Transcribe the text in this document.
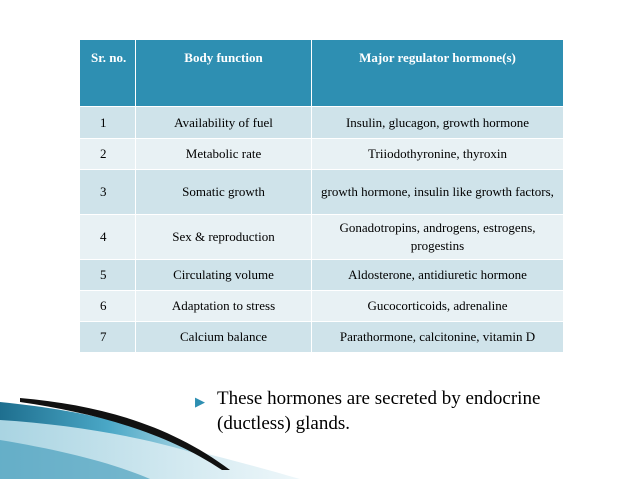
Sr. no.	Body function	Major regulator hormone(s)
1	Availability of fuel	Insulin, glucagon, growth hormone
2	Metabolic rate	Triiodothyronine, thyroxin
3	Somatic growth	growth hormone, insulin like growth factors,
4	Sex & reproduction	Gonadotropins, androgens, estrogens, progestins
5	Circulating volume	Aldosterone, antidiuretic hormone
6	Adaptation to stress	Gucocorticoids, adrenaline
7	Calcium balance	Parathormone, calcitonine, vitamin D
▶ These hormones are secreted by endocrine (ductless) glands.
